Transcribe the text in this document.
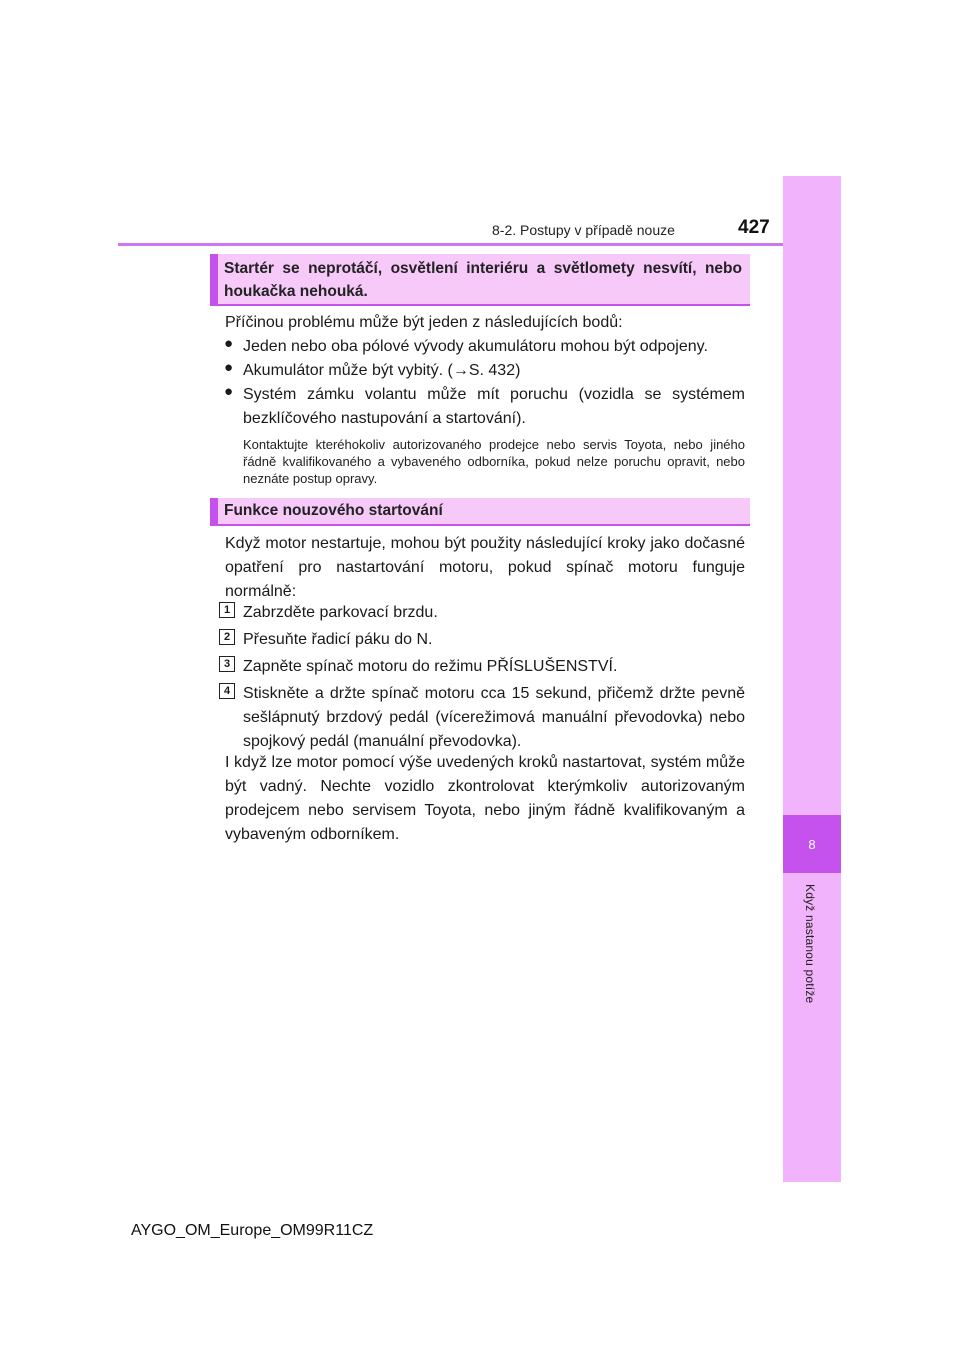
8-2. Postupy v případě nouze	427
8
Když nastanou potíže
Startér se neprotáčí, osvětlení interiéru a světlomety nesvítí, nebo houkačka nehouká.
Příčinou problému může být jeden z následujících bodů:
● Jeden nebo oba pólové vývody akumulátoru mohou být odpojeny.
● Akumulátor může být vybitý. (→S. 432)
● Systém zámku volantu může mít poruchu (vozidla se systémem bezklíčového nastupování a startování).
Kontaktujte kteréhokoliv autorizovaného prodejce nebo servis Toyota, nebo jiného řádně kvalifikovaného a vybaveného odborníka, pokud nelze poruchu opravit, nebo neznáte postup opravy.
Funkce nouzového startování
Když motor nestartuje, mohou být použity následující kroky jako dočasné opatření pro nastartování motoru, pokud spínač motoru funguje normálně:
1 Zabrzděte parkovací brzdu.
2 Přesuňte řadicí páku do N.
3 Zapněte spínač motoru do režimu PŘÍSLUŠENSTVÍ.
4 Stiskněte a držte spínač motoru cca 15 sekund, přičemž držte pevně sešlápnutý brzdový pedál (vícerežimová manuální převodovka) nebo spojkový pedál (manuální převodovka).
I když lze motor pomocí výše uvedených kroků nastartovat, systém může být vadný. Nechte vozidlo zkontrolovat kterýmkoliv autorizovaným prodejcem nebo servisem Toyota, nebo jiným řádně kvalifikovaným a vybaveným odborníkem.
AYGO_OM_Europe_OM99R11CZ
